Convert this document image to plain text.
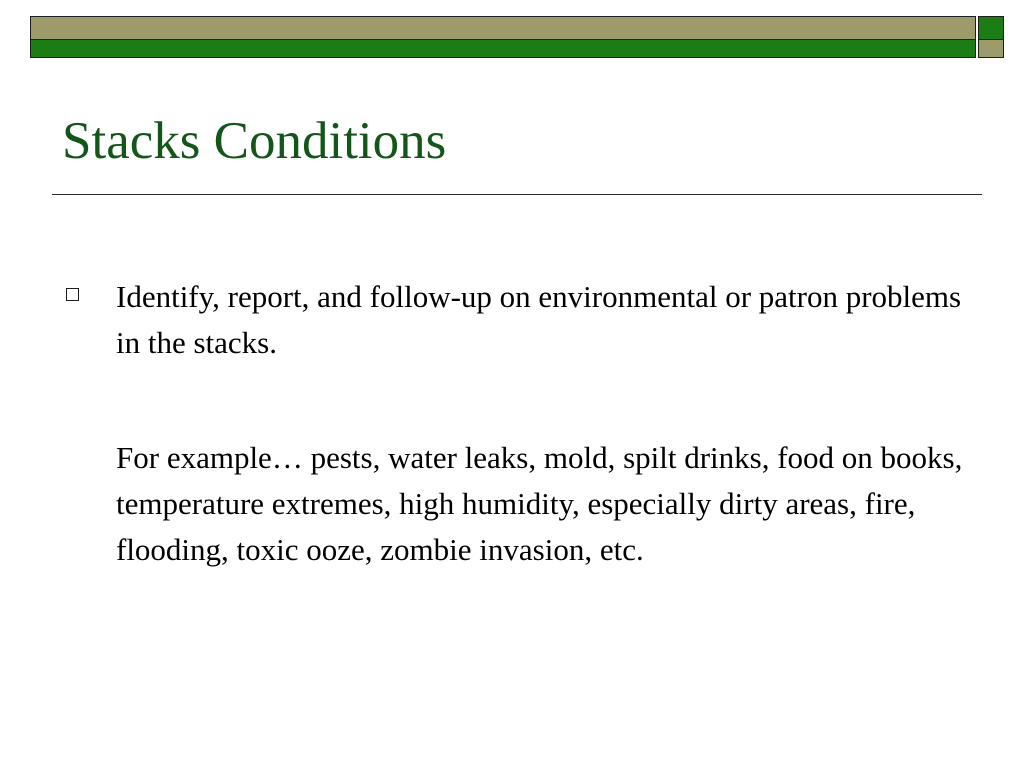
Stacks Conditions

Identify, report, and follow-up on environmental or patron problems in the stacks.

For example… pests, water leaks, mold, spilt drinks, food on books, temperature extremes, high humidity, especially dirty areas, fire, flooding, toxic ooze, zombie invasion, etc.
